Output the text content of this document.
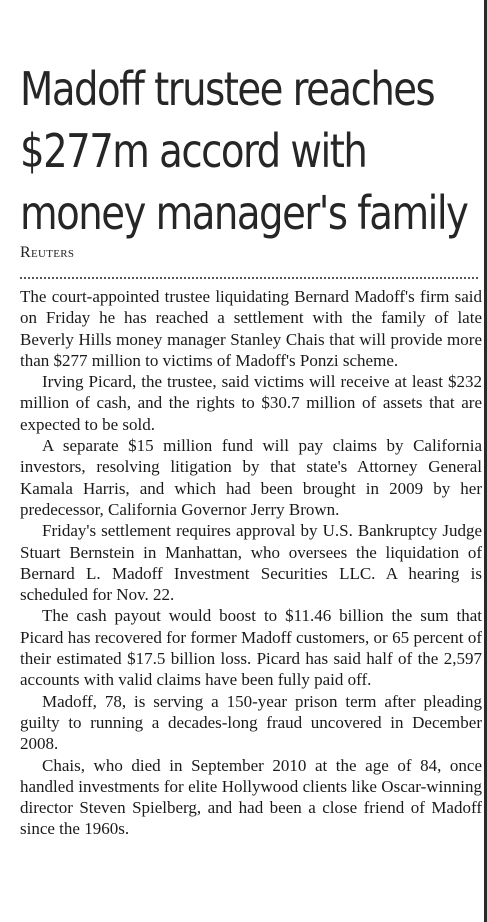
Madoff trustee reaches
$277m accord with
money manager's family
Reuters

The court-appointed trustee liquidating Bernard Madoff's firm said on Friday he has reached a settlement with the family of late Beverly Hills money manager Stanley Chais that will provide more than $277 million to victims of Madoff's Ponzi scheme.

Irving Picard, the trustee, said victims will receive at least $232 million of cash, and the rights to $30.7 million of assets that are expected to be sold.

A separate $15 million fund will pay claims by California investors, resolving litigation by that state's Attorney General Kamala Harris, and which had been brought in 2009 by her predecessor, California Governor Jerry Brown.

Friday's settlement requires approval by U.S. Bankruptcy Judge Stuart Bernstein in Manhattan, who oversees the liquidation of Bernard L. Madoff Investment Securities LLC. A hearing is scheduled for Nov. 22.

The cash payout would boost to $11.46 billion the sum that Picard has recovered for former Madoff customers, or 65 percent of their estimated $17.5 billion loss. Picard has said half of the 2,597 accounts with valid claims have been fully paid off.

Madoff, 78, is serving a 150-year prison term after pleading guilty to running a decades-long fraud uncovered in December 2008.

Chais, who died in September 2010 at the age of 84, once handled investments for elite Hollywood clients like Oscar-winning director Steven Spielberg, and had been a close friend of Madoff since the 1960s.
